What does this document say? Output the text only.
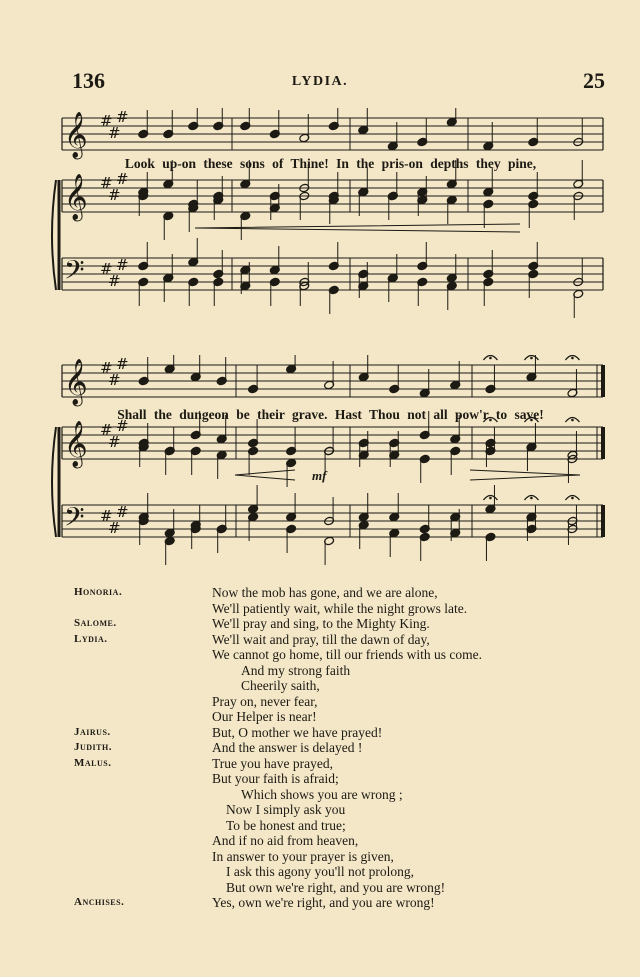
136	LYDIA.	25
𝄞
𝄞
𝄢
#
#
#
#
#
#
#
#
#
Look up-on these sons of Thine! In the pris-on depths they pine,
𝄞
𝄞
𝄢
#
#
#
#
#
#
#
#
#
mf
Shall the dungeon be their grave. Hast Thou not all pow'r to save!
Honoria.	Now the mob has gone, and we are alone,
We'll patiently wait, while the night grows late.
Salome.	We'll pray and sing, to the Mighty King.
Lydia.	We'll wait and pray, till the dawn of day,
We cannot go home, till our friends with us come.
And my strong faith
Cheerily saith,
Pray on, never fear,
Our Helper is near!
Jairus.	But, O mother we have prayed!
Judith.	And the answer is delayed !
Malus.	True you have prayed,
But your faith is afraid;
Which shows you are wrong ;
Now I simply ask you
To be honest and true;
And if no aid from heaven,
In answer to your prayer is given,
I ask this agony you'll not prolong,
But own we're right, and you are wrong!
Anchises.	Yes, own we're right, and you are wrong!
